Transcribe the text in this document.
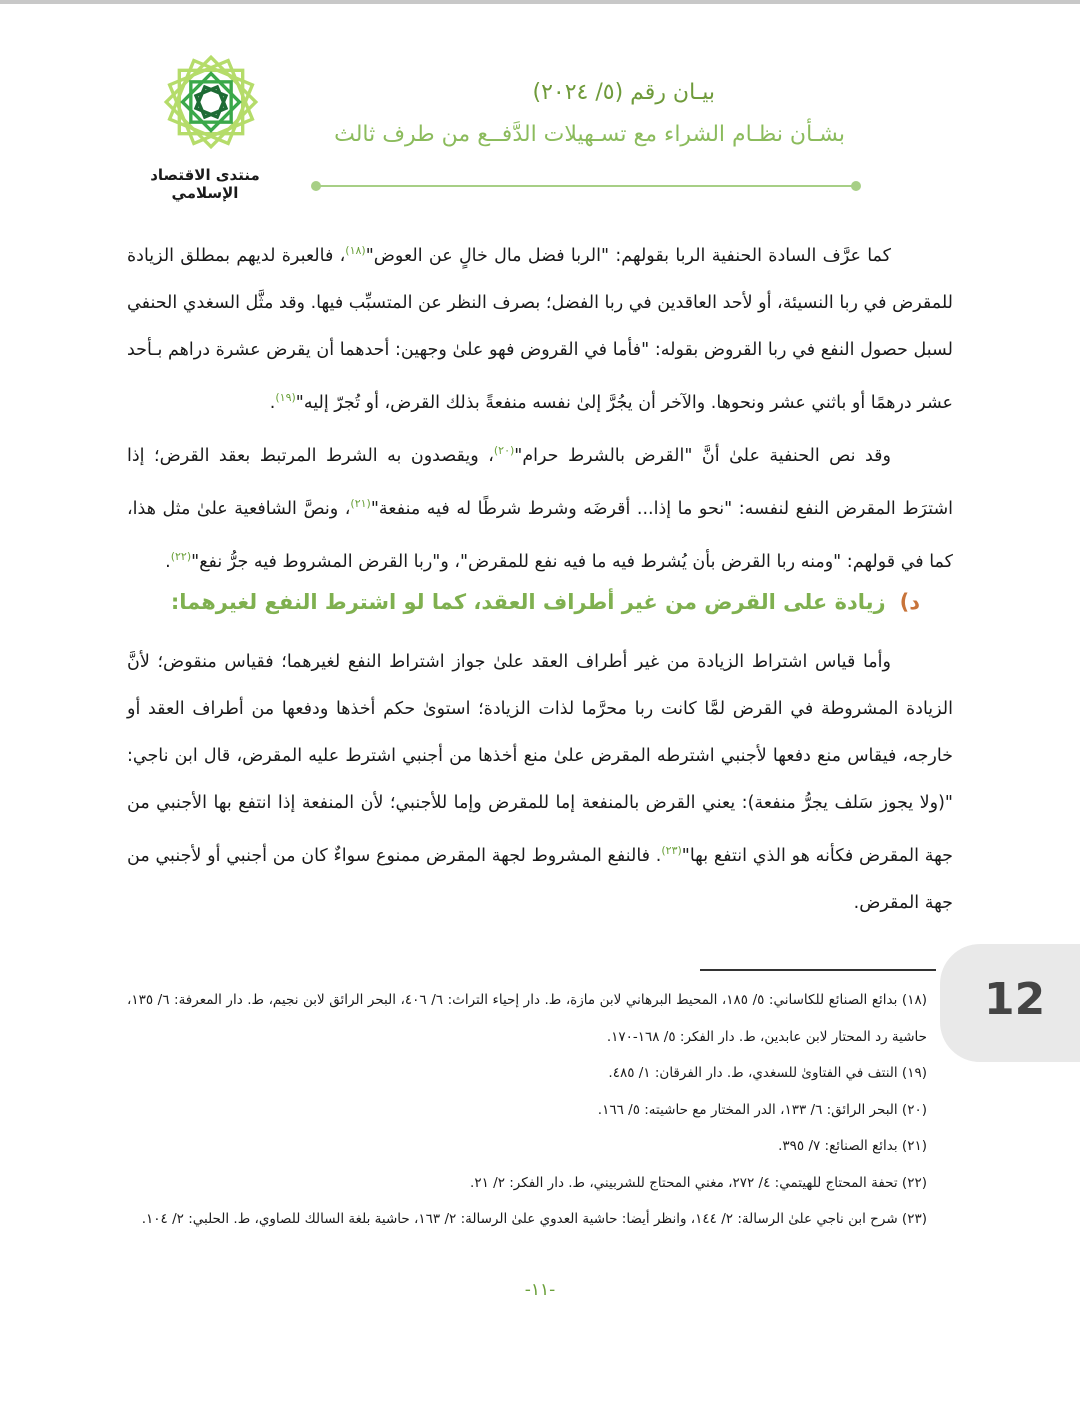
منتدى الاقتصاد الإسلامي
بيـان رقم (٥/ ٢٠٢٤)
بشـأن نظـام الشراء مع تسـهيلات الدَّفــع من طرف ثالث

كما عرَّف السادة الحنفية الربا بقولهم: "الربا فضل مال خالٍ عن العوض"$^{(١٨)}$، فالعبرة لديهم بمطلق الزيادة للمقرض في ربا النسيئة، أو لأحد العاقدين في ربا الفضل؛ بصرف النظر عن المتسبِّب فيها. وقد مثَّل السغدي الحنفي لسبل حصول النفع في ربا القروض بقوله: "فأما في القروض فهو علىٰ وجهين: أحدهما أن يقرض عشرة دراهم بـأحد عشر درهمًا أو باثني عشر ونحوها. والآخر أن يجُرَّ إلىٰ نفسه منفعةً بذلك القرض، أو تُجرّ إليه"$^{(١٩)}$.

وقد نص الحنفية علىٰ أنَّ "القرض بالشرط حرام"$^{(٢٠)}$، ويقصدون به الشرط المرتبط بعقد القرض؛ إذا اشترَط المقرض النفع لنفسه: "نحو ما إذا... أقرضَه وشرط شرطًا له فيه منفعة"$^{(٢١)}$، ونصَّ الشافعية علىٰ مثل هذا، كما في قولهم: "ومنه ربا القرض بأن يُشرط فيه ما فيه نفع للمقرض"، و"ربا القرض المشروط فيه جرُّ نفع"$^{(٢٢)}$.

د)زيادة على القرض من غير أطراف العقد، كما لو اشترط النفع لغيرهما:

وأما قياس اشتراط الزيادة من غير أطراف العقد علىٰ جواز اشتراط النفع لغيرهما؛ فقياس منقوض؛ لأنَّ الزيادة المشروطة في القرض لمَّا كانت ربا محرَّما لذات الزيادة؛ استوىٰ حكم أخذها ودفعها من أطراف العقد أو خارجه، فيقاس منع دفعها لأجنبي اشترطه المقرض علىٰ منع أخذها من أجنبي اشترط عليه المقرض، قال ابن ناجي: "(ولا يجوز سَلف يجرُّ منفعة): يعني القرض بالمنفعة إما للمقرض وإما للأجنبي؛ لأن المنفعة إذا انتفع بها الأجنبي من جهة المقرض فكأنه هو الذي انتفع بها"$^{(٢٣)}$. فالنفع المشروط لجهة المقرض ممنوع سواءٌ كان من أجنبي أو لأجنبي من جهة المقرض.

(١٨) بدائع الصنائع للكاساني: ٥/ ١٨٥، المحيط البرهاني لابن مازة، ط. دار إحياء التراث: ٦/ ٤٠٦، البحر الرائق لابن نجيم، ط. دار المعرفة: ٦/ ١٣٥، حاشية رد المحتار لابن عابدين، ط. دار الفكر: ٥/ ١٦٨-١٧٠.
(١٩) النتف في الفتاوىٰ للسغدي، ط. دار الفرقان: ١/ ٤٨٥.
(٢٠) البحر الرائق: ٦/ ١٣٣، الدر المختار مع حاشيته: ٥/ ١٦٦.
(٢١) بدائع الصنائع: ٧/ ٣٩٥.
(٢٢) تحفة المحتاج للهيتمي: ٤/ ٢٧٢، مغني المحتاج للشربيني، ط. دار الفكر: ٢/ ٢١.
(٢٣) شرح ابن ناجي علىٰ الرسالة: ٢/ ١٤٤، وانظر أيضا: حاشية العدوي علىٰ الرسالة: ٢/ ١٦٣، حاشية بلغة السالك للصاوي، ط. الحلبي: ٢/ ١٠٤.
-١١-
12
